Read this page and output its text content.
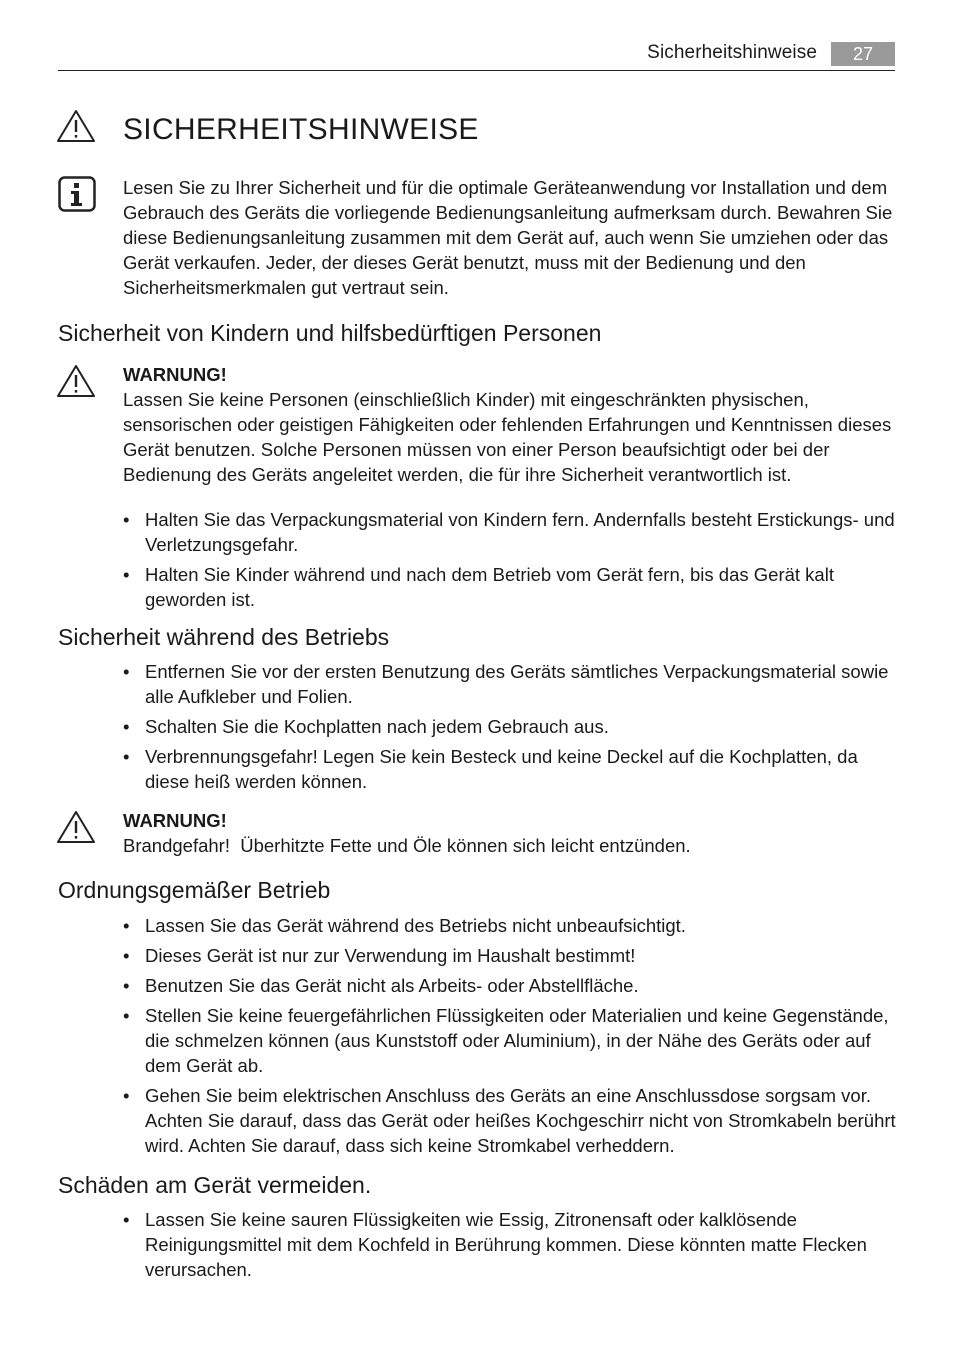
Sicherheitshinweise	27
SICHERHEITSHINWEISE

Lesen Sie zu Ihrer Sicherheit und für die optimale Geräteanwendung vor Installation und dem Gebrauch des Geräts die vorliegende Bedienungsanleitung aufmerksam durch. Bewahren Sie diese Bedienungsanleitung zusammen mit dem Gerät auf, auch wenn Sie umziehen oder das Gerät verkaufen. Jeder, der dieses Gerät benutzt, muss mit der Bedienung und den Sicherheitsmerkmalen gut vertraut sein.

Sicherheit von Kindern und hilfsbedürftigen Personen
WARNUNG!
Lassen Sie keine Personen (einschließlich Kinder) mit eingeschränkten physischen, sensorischen oder geistigen Fähigkeiten oder fehlenden Erfahrungen und Kenntnissen dieses Gerät benutzen. Solche Personen müssen von einer Person beaufsichtigt oder bei der Bedienung des Geräts angeleitet werden, die für ihre Sicherheit verantwortlich ist.
• Halten Sie das Verpackungsmaterial von Kindern fern. Andernfalls besteht Erstickungs- und Verletzungsgefahr.
• Halten Sie Kinder während und nach dem Betrieb vom Gerät fern, bis das Gerät kalt geworden ist.
Sicherheit während des Betriebs
• Entfernen Sie vor der ersten Benutzung des Geräts sämtliches Verpackungsmaterial sowie alle Aufkleber und Folien.
• Schalten Sie die Kochplatten nach jedem Gebrauch aus.
• Verbrennungsgefahr! Legen Sie kein Besteck und keine Deckel auf die Kochplatten, da diese heiß werden können.
WARNUNG!
Brandgefahr!  Überhitzte Fette und Öle können sich leicht entzünden.
Ordnungsgemäßer Betrieb
• Lassen Sie das Gerät während des Betriebs nicht unbeaufsichtigt.
• Dieses Gerät ist nur zur Verwendung im Haushalt bestimmt!
• Benutzen Sie das Gerät nicht als Arbeits- oder Abstellfläche.
• Stellen Sie keine feuergefährlichen Flüssigkeiten oder Materialien und keine Gegenstände, die schmelzen können (aus Kunststoff oder Aluminium), in der Nähe des Geräts oder auf dem Gerät ab.
• Gehen Sie beim elektrischen Anschluss des Geräts an eine Anschlussdose sorgsam vor. Achten Sie darauf, dass das Gerät oder heißes Kochgeschirr nicht von Stromkabeln berührt wird. Achten Sie darauf, dass sich keine Stromkabel verheddern.
Schäden am Gerät vermeiden.
• Lassen Sie keine sauren Flüssigkeiten wie Essig, Zitronensaft oder kalklösende Reinigungsmittel mit dem Kochfeld in Berührung kommen. Diese könnten matte Flecken verursachen.
